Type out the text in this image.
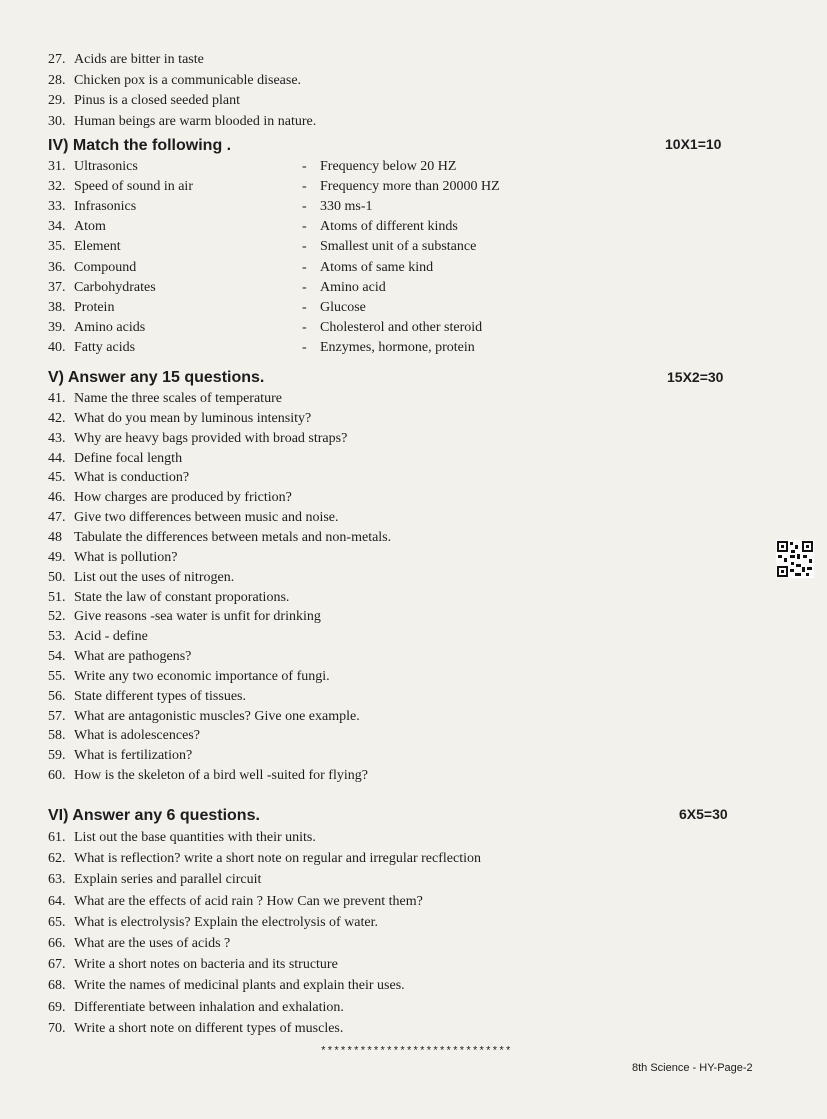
27. Acids are bitter in taste
28. Chicken pox is a communicable disease.
29. Pinus is a closed seeded plant
30. Human beings are warm blooded in nature.
IV) Match the following .	10X1=10
31. Ultrasonics	- Frequency below 20 HZ
32. Speed of sound in air	- Frequency more than 20000 HZ
33. Infrasonics	- 330 ms-1
34. Atom	- Atoms of different kinds
35. Element	- Smallest unit of a substance
36. Compound	- Atoms of same kind
37. Carbohydrates	- Amino acid
38. Protein	- Glucose
39. Amino acids	- Cholesterol and other steroid
40. Fatty acids	- Enzymes, hormone, protein
V) Answer any 15 questions.	15X2=30
41. Name the three scales of temperature
42. What do you mean by luminous intensity?
43. Why are heavy bags provided with broad straps?
44. Define focal length
45. What is conduction?
46. How charges are produced by friction?
47. Give two differences between music and noise.
48 Tabulate the differences between metals and non-metals.
49. What is pollution?
50. List out the uses of nitrogen.
51. State the law of constant proporations.
52. Give reasons -sea water is unfit for drinking
53. Acid - define
54. What are pathogens?
55. Write any two economic importance of fungi.
56. State different types of tissues.
57. What are antagonistic muscles? Give one example.
58. What is adolescences?
59. What is fertilization?
60. How is the skeleton of a bird well -suited for flying?
VI) Answer any 6 questions.	6X5=30
61. List out the base quantities with their units.
62. What is reflection? write a short note on regular and irregular recflection
63. Explain series and parallel circuit
64. What are the effects of acid rain ? How Can we prevent them?
65. What is electrolysis? Explain the electrolysis of water.
66. What are the uses of acids ?
67. Write a short notes on bacteria and its structure
68. Write the names of medicinal plants and explain their uses.
69. Differentiate between inhalation and exhalation.
70. Write a short note on different types of muscles.
*****************************
8th Science - HY-Page-2
